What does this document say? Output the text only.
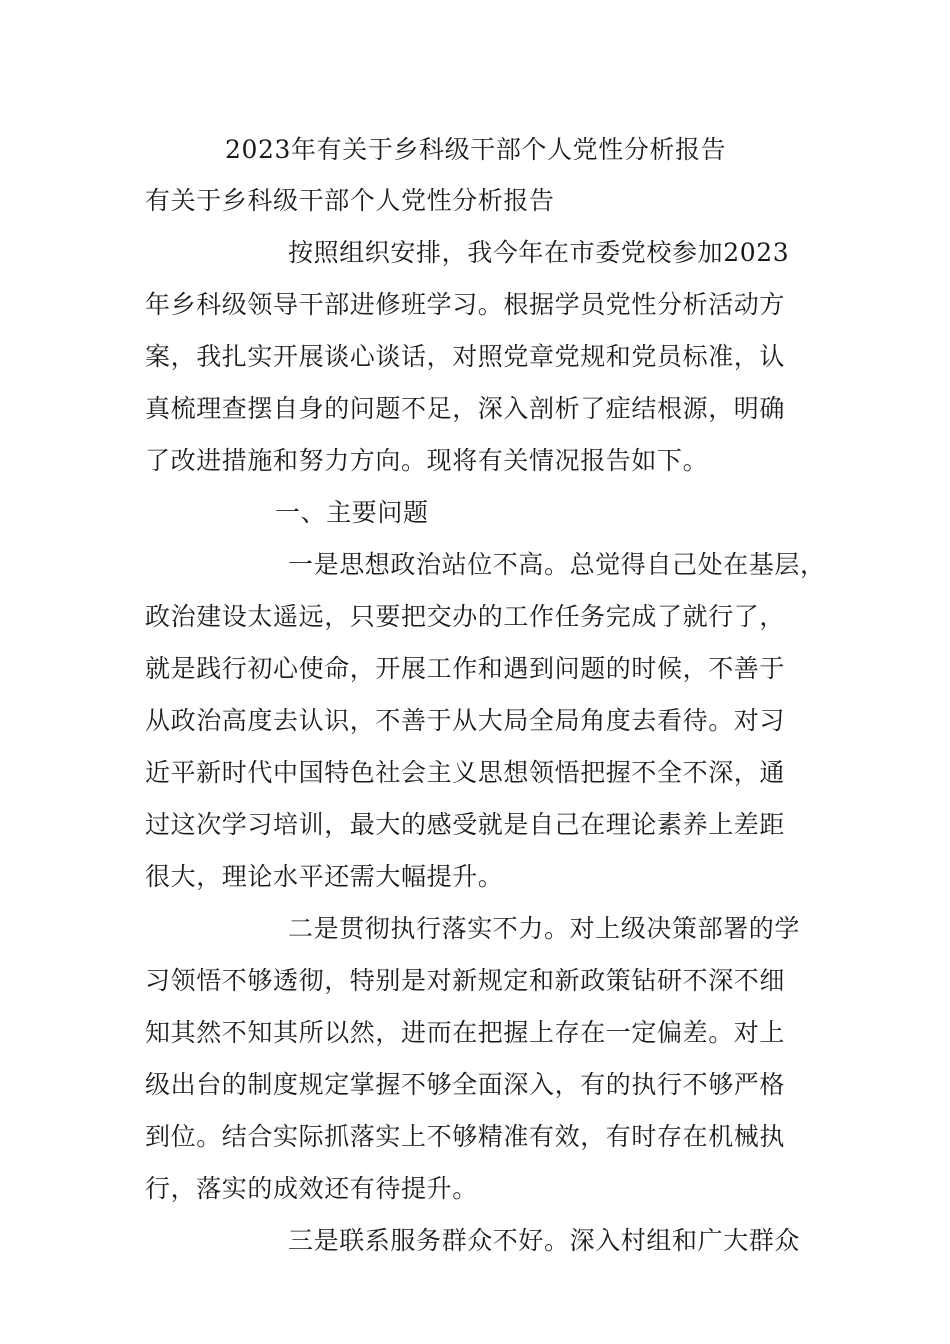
2023年有关于乡科级干部个人党性分析报告
有关于乡科级干部个人党性分析报告
按照组织安排，我今年在市委党校参加2023
年乡科级领导干部进修班学习。根据学员党性分析活动方
案，我扎实开展谈心谈话，对照党章党规和党员标准，认
真梳理查摆自身的问题不足，深入剖析了症结根源，明确
了改进措施和努力方向。现将有关情况报告如下。
一、主要问题
一是思想政治站位不高。总觉得自己处在基层，
政治建设太遥远，只要把交办的工作任务完成了就行了，
就是践行初心使命，开展工作和遇到问题的时候，不善于
从政治高度去认识，不善于从大局全局角度去看待。对习
近平新时代中国特色社会主义思想领悟把握不全不深，通
过这次学习培训，最大的感受就是自己在理论素养上差距
很大，理论水平还需大幅提升。
二是贯彻执行落实不力。对上级决策部署的学
习领悟不够透彻，特别是对新规定和新政策钻研不深不细
知其然不知其所以然，进而在把握上存在一定偏差。对上
级出台的制度规定掌握不够全面深入，有的执行不够严格
到位。结合实际抓落实上不够精准有效，有时存在机械执
行，落实的成效还有待提升。
三是联系服务群众不好。深入村组和广大群众
